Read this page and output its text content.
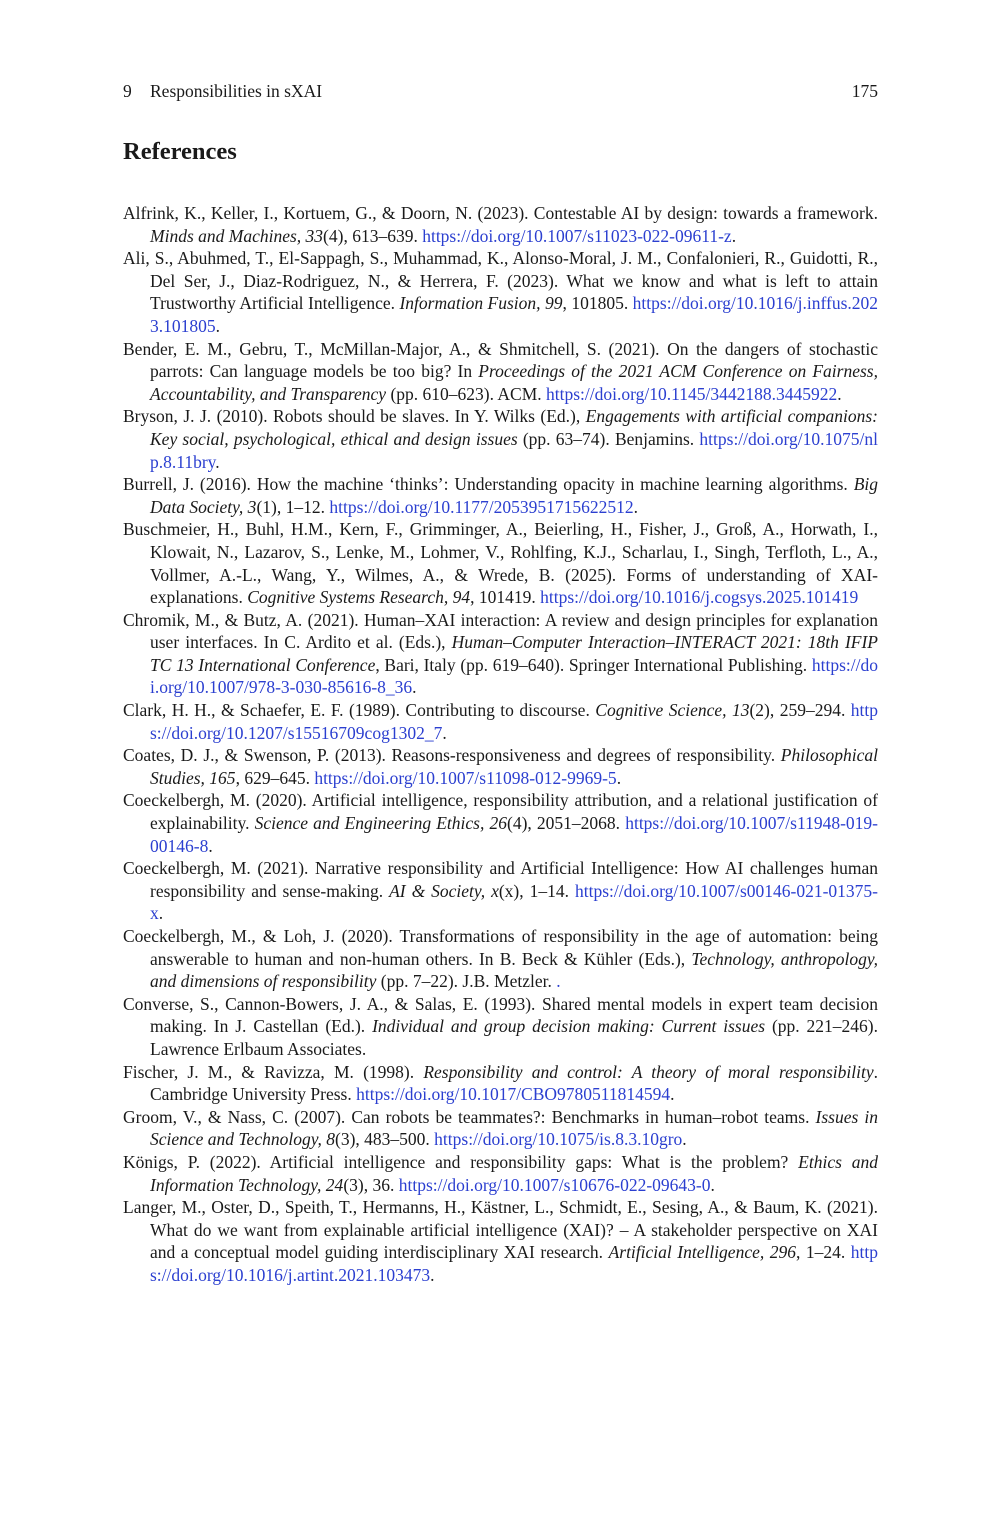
9 Responsibilities in sXAI	175
References
Alfrink, K., Keller, I., Kortuem, G., & Doorn, N. (2023). Contestable AI by design: towards a framework. Minds and Machines, 33(4), 613–639. https://doi.org/10.1007/s11023-022-09611-z.
Ali, S., Abuhmed, T., El-Sappagh, S., Muhammad, K., Alonso-Moral, J. M., Confalonieri, R., Guidotti, R., Del Ser, J., Diaz-Rodriguez, N., & Herrera, F. (2023). What we know and what is left to attain Trustworthy Artificial Intelligence. Information Fusion, 99, 101805. https://doi.org/10.1016/j.inffus.2023.101805.
Bender, E. M., Gebru, T., McMillan-Major, A., & Shmitchell, S. (2021). On the dangers of stochastic parrots: Can language models be too big? In Proceedings of the 2021 ACM Conference on Fairness, Accountability, and Transparency (pp. 610–623). ACM. https://doi.org/10.1145/3442188.3445922.
Bryson, J. J. (2010). Robots should be slaves. In Y. Wilks (Ed.), Engagements with artificial companions: Key social, psychological, ethical and design issues (pp. 63–74). Benjamins. https://doi.org/10.1075/nlp.8.11bry.
Burrell, J. (2016). How the machine ‘thinks’: Understanding opacity in machine learning algorithms. Big Data Society, 3(1), 1–12. https://doi.org/10.1177/2053951715622512.
Buschmeier, H., Buhl, H.M., Kern, F., Grimminger, A., Beierling, H., Fisher, J., Groß, A., Horwath, I., Klowait, N., Lazarov, S., Lenke, M., Lohmer, V., Rohlfing, K.J., Scharlau, I., Singh, Terfloth, L., A., Vollmer, A.-L., Wang, Y., Wilmes, A., & Wrede, B. (2025). Forms of understanding of XAI-explanations. Cognitive Systems Research, 94, 101419. https://doi.org/10.1016/j.cogsys.2025.101419
Chromik, M., & Butz, A. (2021). Human–XAI interaction: A review and design principles for explanation user interfaces. In C. Ardito et al. (Eds.), Human–Computer Interaction–INTERACT 2021: 18th IFIP TC 13 International Conference, Bari, Italy (pp. 619–640). Springer International Publishing. https://doi.org/10.1007/978-3-030-85616-8_36.
Clark, H. H., & Schaefer, E. F. (1989). Contributing to discourse. Cognitive Science, 13(2), 259–294. https://doi.org/10.1207/s15516709cog1302_7.
Coates, D. J., & Swenson, P. (2013). Reasons-responsiveness and degrees of responsibility. Philosophical Studies, 165, 629–645. https://doi.org/10.1007/s11098-012-9969-5.
Coeckelbergh, M. (2020). Artificial intelligence, responsibility attribution, and a relational justification of explainability. Science and Engineering Ethics, 26(4), 2051–2068. https://doi.org/10.1007/s11948-019-00146-8.
Coeckelbergh, M. (2021). Narrative responsibility and Artificial Intelligence: How AI challenges human responsibility and sense-making. AI & Society, x(x), 1–14. https://doi.org/10.1007/s00146-021-01375-x.
Coeckelbergh, M., & Loh, J. (2020). Transformations of responsibility in the age of automation: being answerable to human and non-human others. In B. Beck & Kühler (Eds.), Technology, anthropology, and dimensions of responsibility (pp. 7–22). J.B. Metzler. .
Converse, S., Cannon-Bowers, J. A., & Salas, E. (1993). Shared mental models in expert team decision making. In J. Castellan (Ed.). Individual and group decision making: Current issues (pp. 221–246). Lawrence Erlbaum Associates.
Fischer, J. M., & Ravizza, M. (1998). Responsibility and control: A theory of moral responsibility. Cambridge University Press. https://doi.org/10.1017/CBO9780511814594.
Groom, V., & Nass, C. (2007). Can robots be teammates?: Benchmarks in human–robot teams. Issues in Science and Technology, 8(3), 483–500. https://doi.org/10.1075/is.8.3.10gro.
Königs, P. (2022). Artificial intelligence and responsibility gaps: What is the problem? Ethics and Information Technology, 24(3), 36. https://doi.org/10.1007/s10676-022-09643-0.
Langer, M., Oster, D., Speith, T., Hermanns, H., Kästner, L., Schmidt, E., Sesing, A., & Baum, K. (2021). What do we want from explainable artificial intelligence (XAI)? – A stakeholder perspective on XAI and a conceptual model guiding interdisciplinary XAI research. Artificial Intelligence, 296, 1–24. https://doi.org/10.1016/j.artint.2021.103473.
